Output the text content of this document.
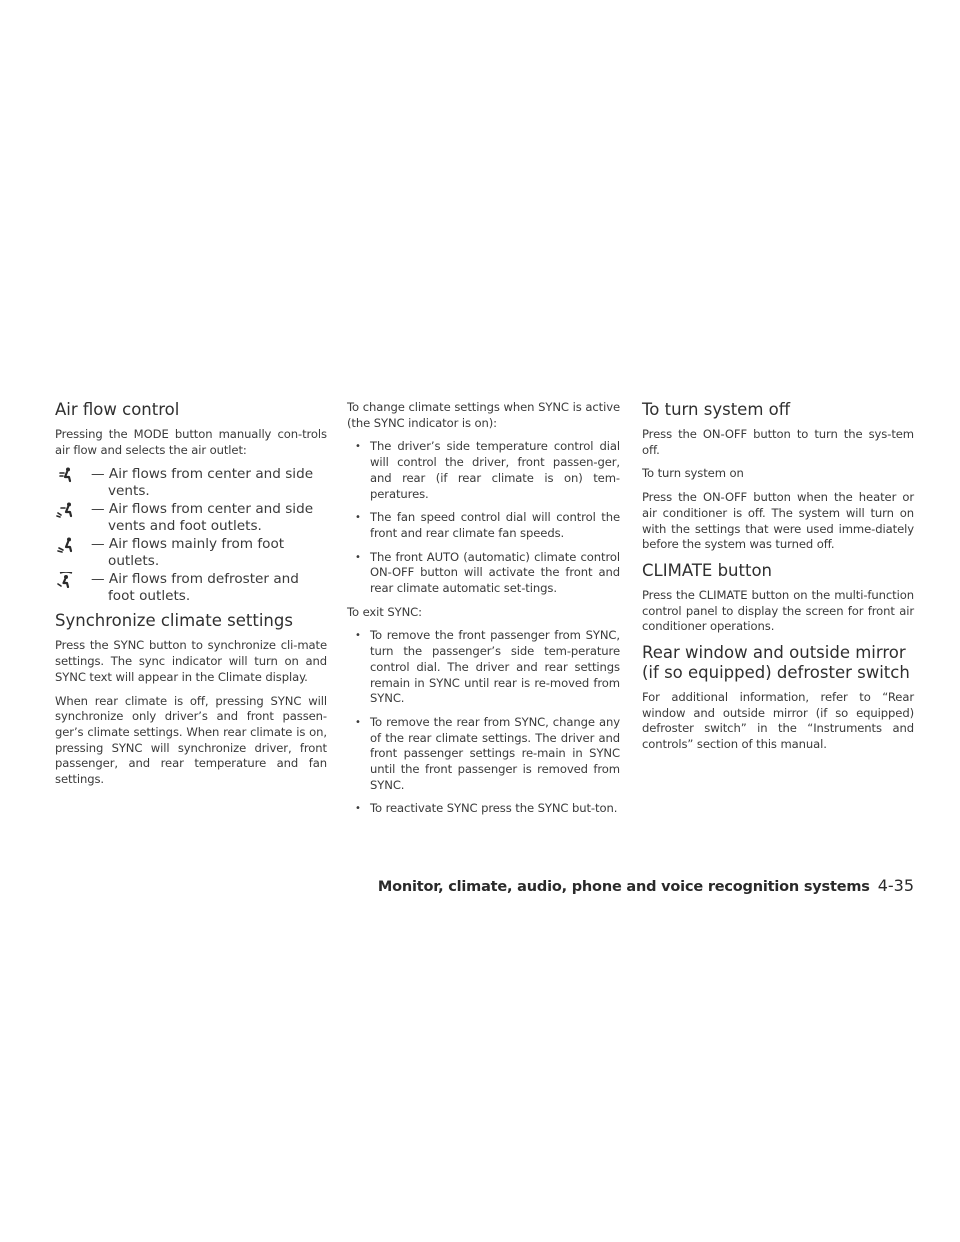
Air flow control

Pressing the MODE button manually con-trols air flow and selects the air outlet:

— Air flows from center and side vents.
— Air flows from center and side vents and foot outlets.
— Air flows mainly from foot outlets.
— Air flows from defroster and foot outlets.
Synchronize climate settings

Press the SYNC button to synchronize cli-mate settings. The sync indicator will turn on and SYNC text will appear in the Climate display.

When rear climate is off, pressing SYNC will synchronize only driver’s and front passen-ger’s climate settings. When rear climate is on, pressing SYNC will synchronize driver, front passenger, and rear temperature and fan settings.

To change climate settings when SYNC is active (the SYNC indicator is on):

• The driver’s side temperature control dial will control the driver, front passen-ger, and rear (if rear climate is on) tem-peratures.
• The fan speed control dial will control the front and rear climate fan speeds.
• The front AUTO (automatic) climate control ON-OFF button will activate the front and rear climate automatic set-tings.

To exit SYNC:

• To remove the front passenger from SYNC, turn the passenger’s side tem-perature control dial. The driver and rear settings remain in SYNC until rear is re-moved from SYNC.
• To remove the rear from SYNC, change any of the rear climate settings. The driver and front passenger settings re-main in SYNC until the front passenger is removed from SYNC.
• To reactivate SYNC press the SYNC but-ton.
To turn system off

Press the ON-OFF button to turn the sys-tem off.

To turn system on

Press the ON-OFF button when the heater or air conditioner is off. The system will turn on with the settings that were used imme-diately before the system was turned off.

CLIMATE button

Press the CLIMATE button on the multi-function control panel to display the screen for front air conditioner operations.

Rear window and outside mirror
(if so equipped) defroster switch

For additional information, refer to “Rear window and outside mirror (if so equipped) defroster switch” in the “Instruments and controls” section of this manual.

Monitor, climate, audio, phone and voice recognition systems 4-35
